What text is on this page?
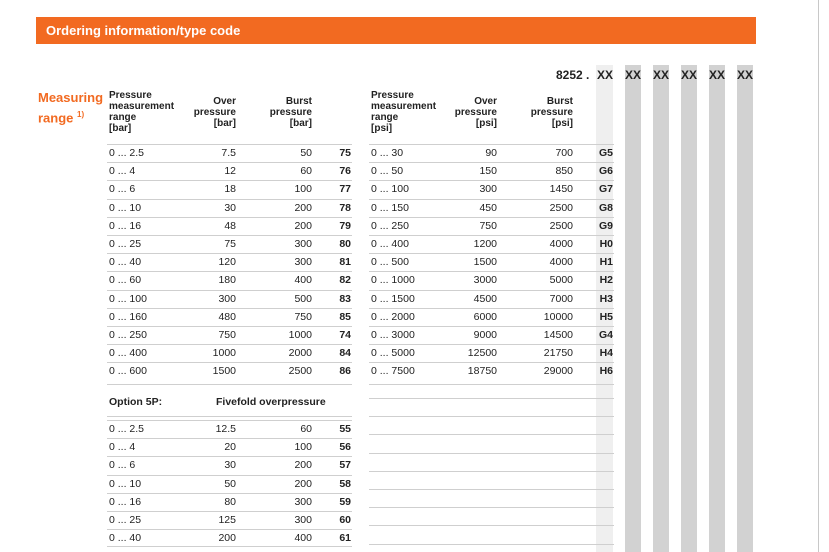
Ordering information/type code
8252 . XX XX XX XX XX XX
Measuring
range $^{1)}$
Pressure
measurement
range
[bar]
Over
pressure
[bar]
Burst
pressure
[bar]
Pressure
measurement
range
[psi]
Over
pressure
[psi]
Burst
pressure
[psi]
Option 5P:	Fivefold overpressure
0 ... 2.5	7.5	50	75
0 ... 4	12	60	76
0 ... 6	18	100	77
0 ... 10	30	200	78
0 ... 16	48	200	79
0 ... 25	75	300	80
0 ... 40	120	300	81
0 ... 60	180	400	82
0 ... 100	300	500	83
0 ... 160	480	750	85
0 ... 250	750	1000	74
0 ... 400	1000	2000	84
0 ... 600	1500	2500	86
0 ... 30	90	700	G5
0 ... 50	150	850	G6
0 ... 100	300	1450	G7
0 ... 150	450	2500	G8
0 ... 250	750	2500	G9
0 ... 400	1200	4000	H0
0 ... 500	1500	4000	H1
0 ... 1000	3000	5000	H2
0 ... 1500	4500	7000	H3
0 ... 2000	6000	10000	H5
0 ... 3000	9000	14500	G4
0 ... 5000	12500	21750	H4
0 ... 7500	18750	29000	H6
0 ... 2.5	12.5	60	55
0 ... 4	20	100	56
0 ... 6	30	200	57
0 ... 10	50	200	58
0 ... 16	80	300	59
0 ... 25	125	300	60
0 ... 40	200	400	61
